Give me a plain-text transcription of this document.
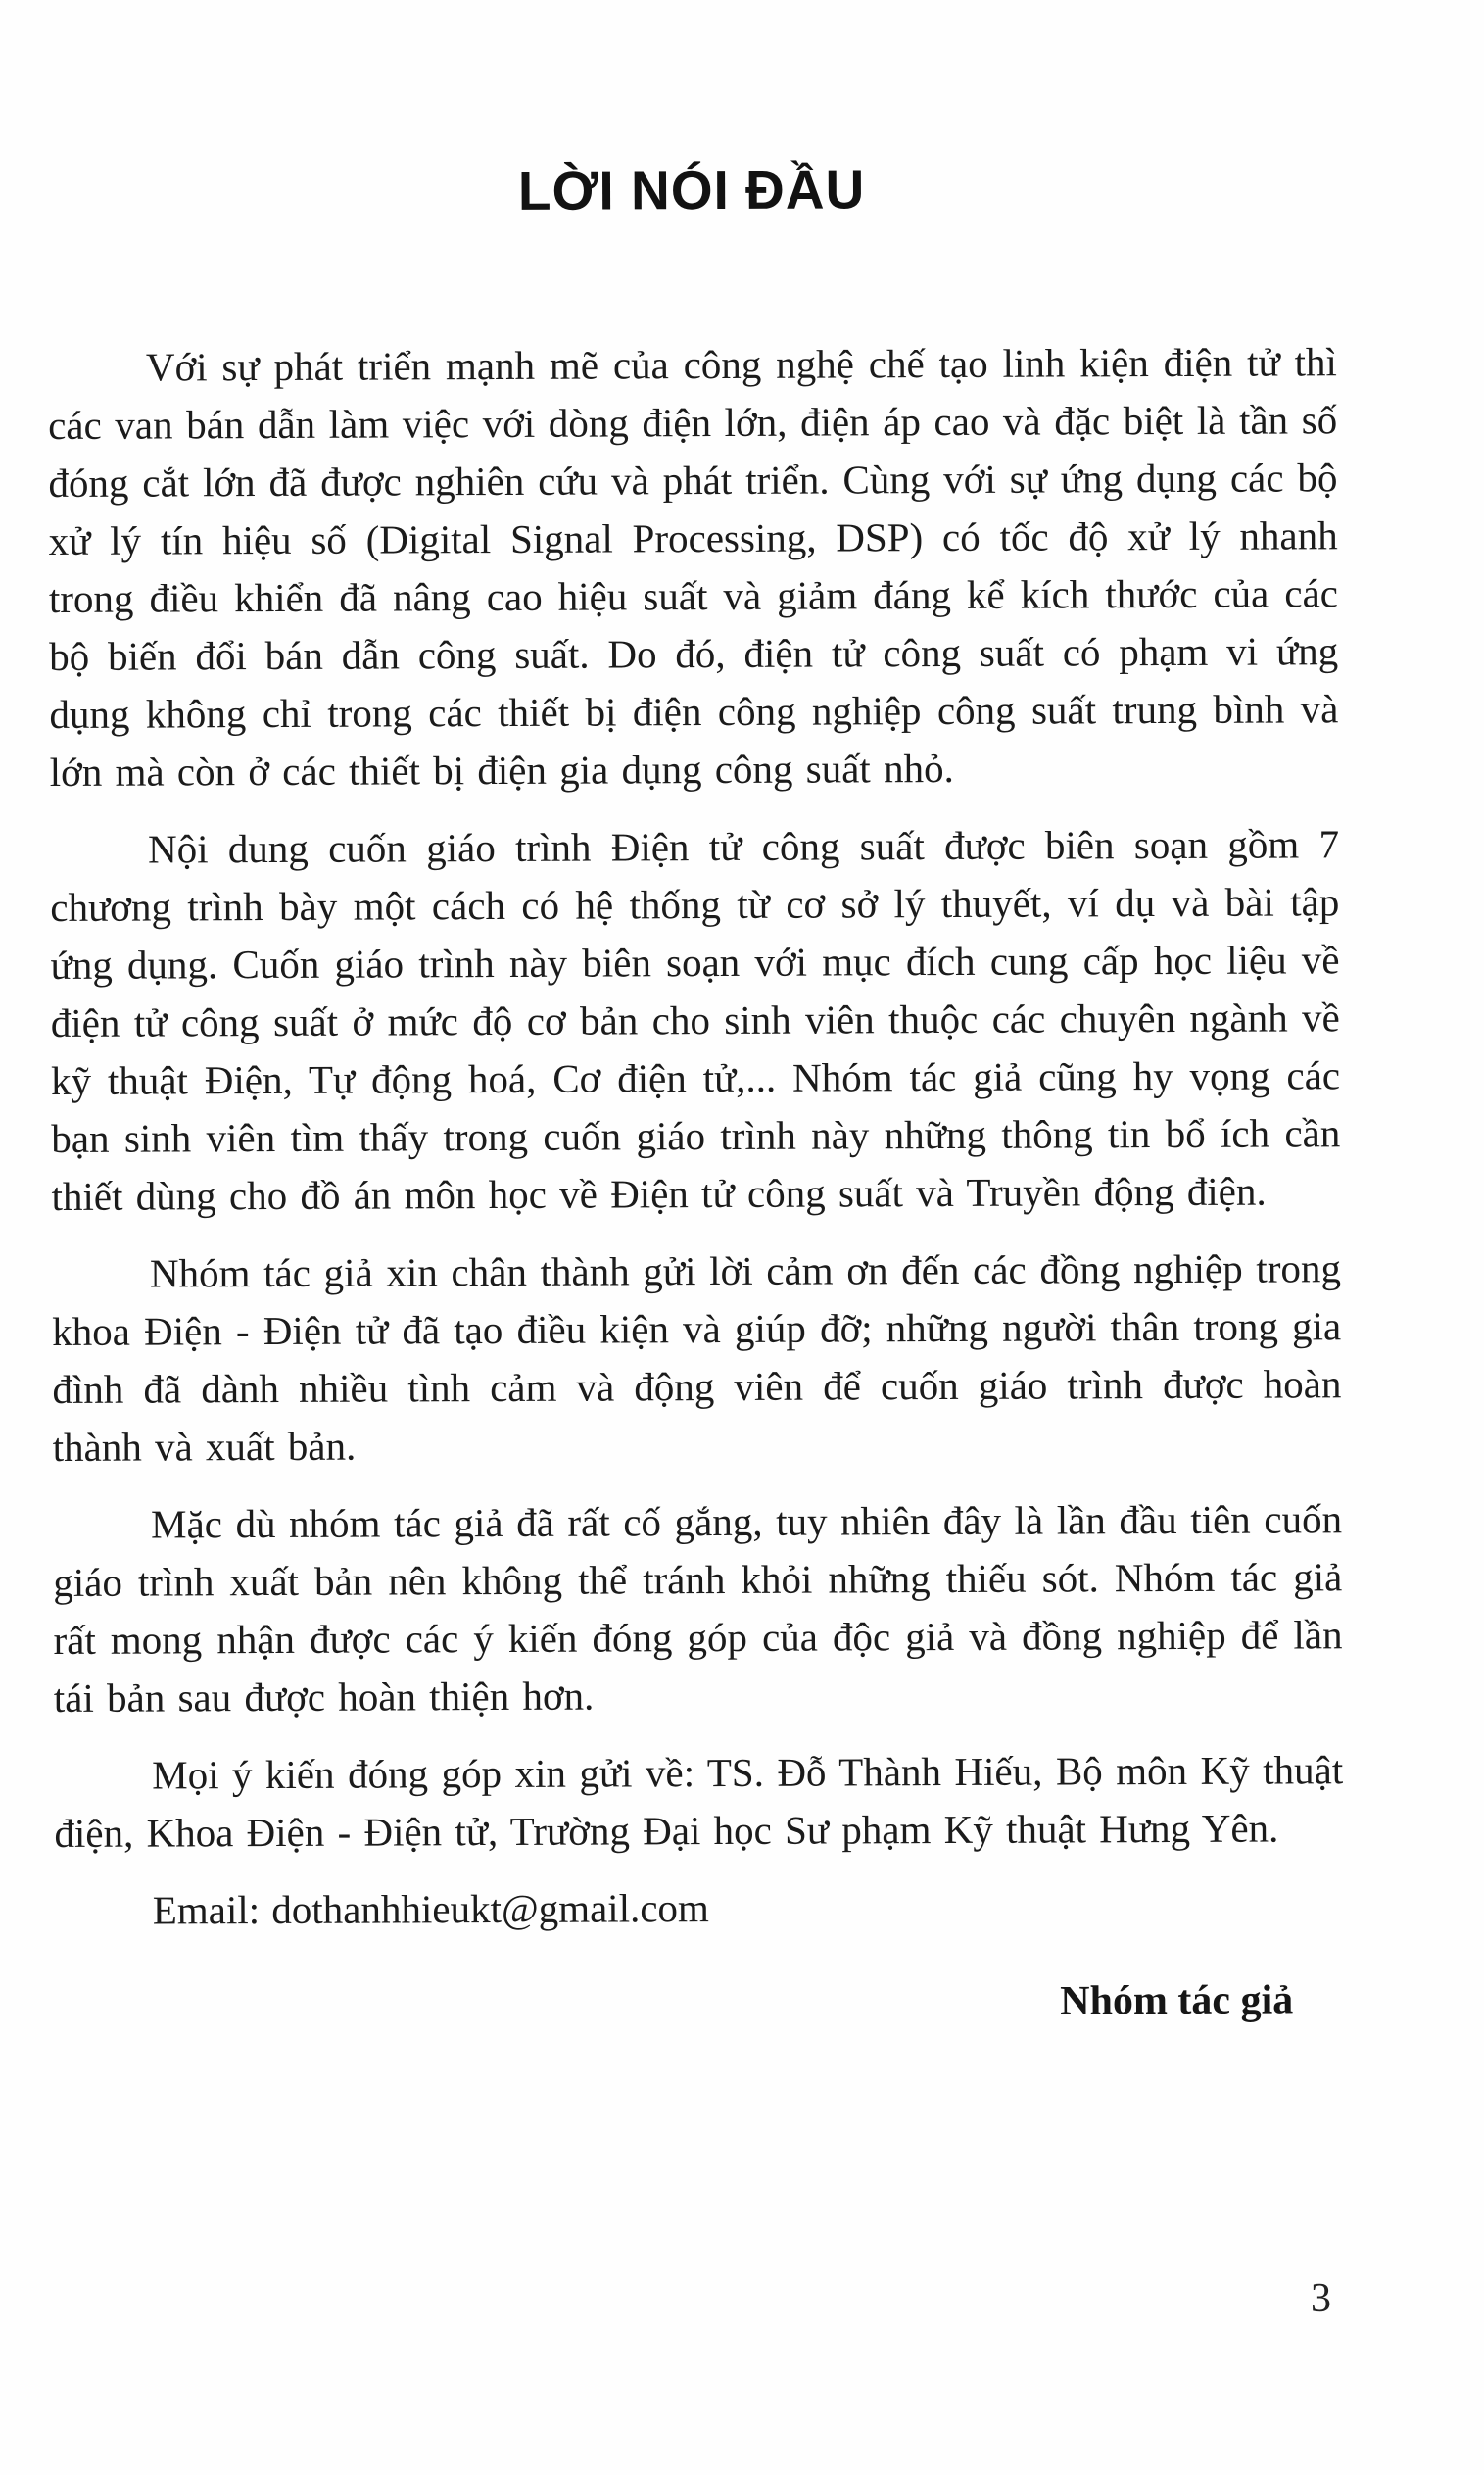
LỜI NÓI ĐẦU

Với sự phát triển mạnh mẽ của công nghệ chế tạo linh kiện điện tử thì các van bán dẫn làm việc với dòng điện lớn, điện áp cao và đặc biệt là tần số đóng cắt lớn đã được nghiên cứu và phát triển. Cùng với sự ứng dụng các bộ xử lý tín hiệu số (Digital Signal Processing, DSP) có tốc độ xử lý nhanh trong điều khiển đã nâng cao hiệu suất và giảm đáng kể kích thước của các bộ biến đổi bán dẫn công suất. Do đó, điện tử công suất có phạm vi ứng dụng không chỉ trong các thiết bị điện công nghiệp công suất trung bình và lớn mà còn ở các thiết bị điện gia dụng công suất nhỏ.

Nội dung cuốn giáo trình Điện tử công suất được biên soạn gồm 7 chương trình bày một cách có hệ thống từ cơ sở lý thuyết, ví dụ và bài tập ứng dụng. Cuốn giáo trình này biên soạn với mục đích cung cấp học liệu về điện tử công suất ở mức độ cơ bản cho sinh viên thuộc các chuyên ngành về kỹ thuật Điện, Tự động hoá, Cơ điện tử,... Nhóm tác giả cũng hy vọng các bạn sinh viên tìm thấy trong cuốn giáo trình này những thông tin bổ ích cần thiết dùng cho đồ án môn học về Điện tử công suất và Truyền động điện.

Nhóm tác giả xin chân thành gửi lời cảm ơn đến các đồng nghiệp trong khoa Điện - Điện tử đã tạo điều kiện và giúp đỡ; những người thân trong gia đình đã dành nhiều tình cảm và động viên để cuốn giáo trình được hoàn thành và xuất bản.

Mặc dù nhóm tác giả đã rất cố gắng, tuy nhiên đây là lần đầu tiên cuốn giáo trình xuất bản nên không thể tránh khỏi những thiếu sót. Nhóm tác giả rất mong nhận được các ý kiến đóng góp của độc giả và đồng nghiệp để lần tái bản sau được hoàn thiện hơn.

Mọi ý kiến đóng góp xin gửi về: TS. Đỗ Thành Hiếu, Bộ môn Kỹ thuật điện, Khoa Điện - Điện tử, Trường Đại học Sư phạm Kỹ thuật Hưng Yên.

Email: dothanhhieukt@gmail.com

Nhóm tác giả
3
